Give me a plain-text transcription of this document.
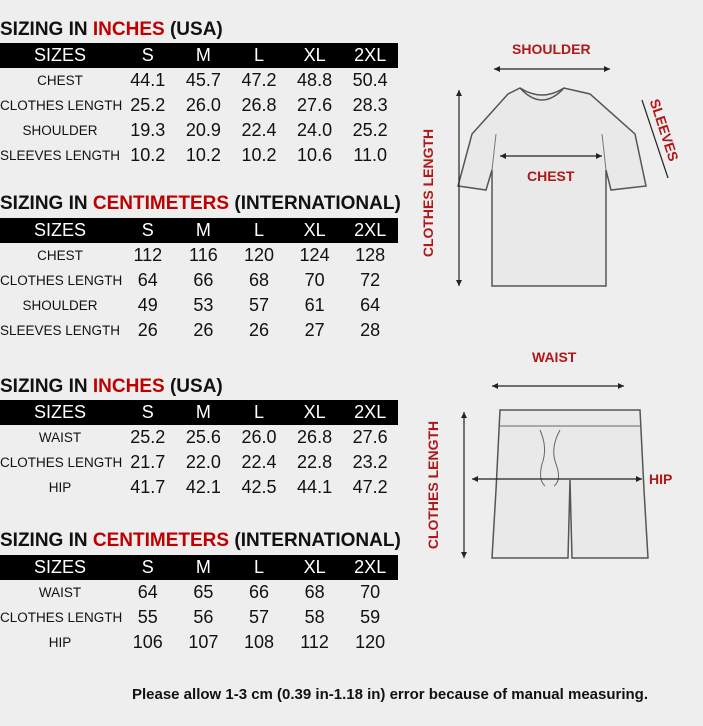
SIZING IN INCHES (USA)
SIZES	S	M	L	XL	2XL
CHEST	44.1	45.7	47.2	48.8	50.4
CLOTHES LENGTH	25.2	26.0	26.8	27.6	28.3
SHOULDER	19.3	20.9	22.4	24.0	25.2
SLEEVES LENGTH	10.2	10.2	10.2	10.6	11.0
SIZING IN CENTIMETERS (INTERNATIONAL)
SIZES	S	M	L	XL	2XL
CHEST	112	116	120	124	128
CLOTHES LENGTH	64	66	68	70	72
SHOULDER	49	53	57	61	64
SLEEVES LENGTH	26	26	26	27	28
SIZING IN INCHES (USA)
SIZES	S	M	L	XL	2XL
WAIST	25.2	25.6	26.0	26.8	27.6
CLOTHES LENGTH	21.7	22.0	22.4	22.8	23.2
HIP	41.7	42.1	42.5	44.1	47.2
SIZING IN CENTIMETERS (INTERNATIONAL)
SIZES	S	M	L	XL	2XL
WAIST	64	65	66	68	70
CLOTHES LENGTH	55	56	57	58	59
HIP	106	107	108	112	120
SHOULDER
CHEST
CLOTHES LENGTH	SLEEVES
WAIST
HIP
CLOTHES LENGTH
Please allow 1-3 cm (0.39 in-1.18 in) error because of manual measuring.
